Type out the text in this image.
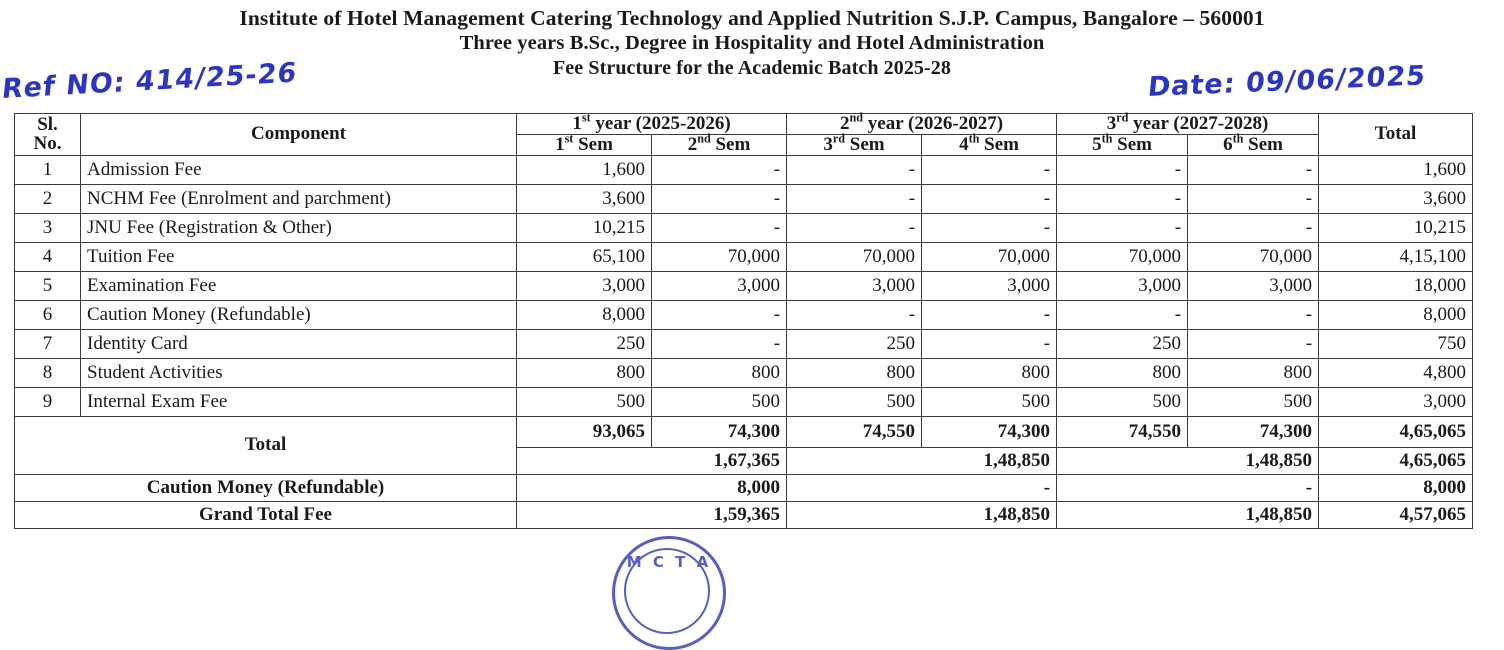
Institute of Hotel Management Catering Technology and Applied Nutrition S.J.P. Campus, Bangalore – 560001
Three years B.Sc., Degree in Hospitality and Hotel Administration
Fee Structure for the Academic Batch 2025-28
Ref NO: 414/25-26	Date: 09/06/2025
Sl.
No.	Component	1st year (2025-2026)		2nd year (2026-2027)		3rd year (2027-2028)		Total
		1st Sem	2nd Sem	3rd Sem	4th Sem	5th Sem	6th Sem	
1	Admission Fee	1,600	-	-	-	-	-	1,600
2	NCHM Fee (Enrolment and parchment)	3,600	-	-	-	-	-	3,600
3	JNU Fee (Registration & Other)	10,215	-	-	-	-	-	10,215
4	Tuition Fee	65,100	70,000	70,000	70,000	70,000	70,000	4,15,100
5	Examination Fee	3,000	3,000	3,000	3,000	3,000	3,000	18,000
6	Caution Money (Refundable)	8,000	-	-	-	-	-	8,000
7	Identity Card	250	-	250	-	250	-	750
8	Student Activities	800	800	800	800	800	800	4,800
9	Internal Exam Fee	500	500	500	500	500	500	3,000
Total		93,065	74,300	74,550	74,300	74,550	74,300	4,65,065
		1,67,365		1,48,850		1,48,850		4,65,065
Caution Money (Refundable)		8,000		-		-		8,000
Grand Total Fee		1,59,365		1,48,850		1,48,850		4,57,065
M C T A
